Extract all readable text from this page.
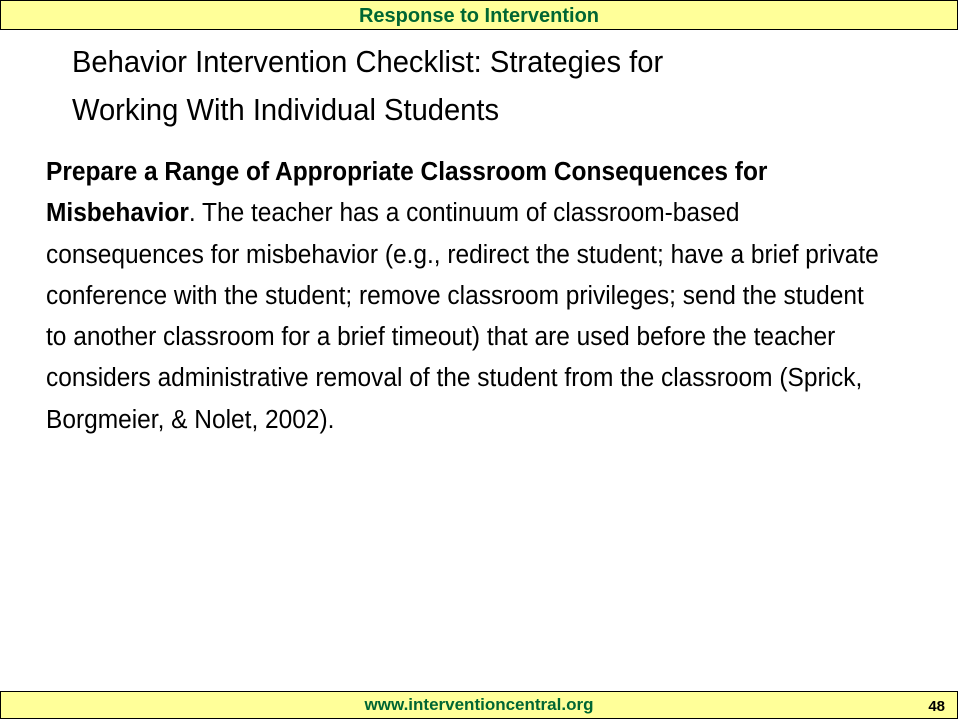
Response to Intervention
Behavior Intervention Checklist: Strategies for
Working With Individual Students

Prepare a Range of Appropriate Classroom Consequences for Misbehavior. The teacher has a continuum of classroom-based consequences for misbehavior (e.g., redirect the student; have a brief private conference with the student; remove classroom privileges; send the student to another classroom for a brief timeout) that are used before the teacher considers administrative removal of the student from the classroom (Sprick, Borgmeier, & Nolet, 2002).

www.interventioncentral.org	48
